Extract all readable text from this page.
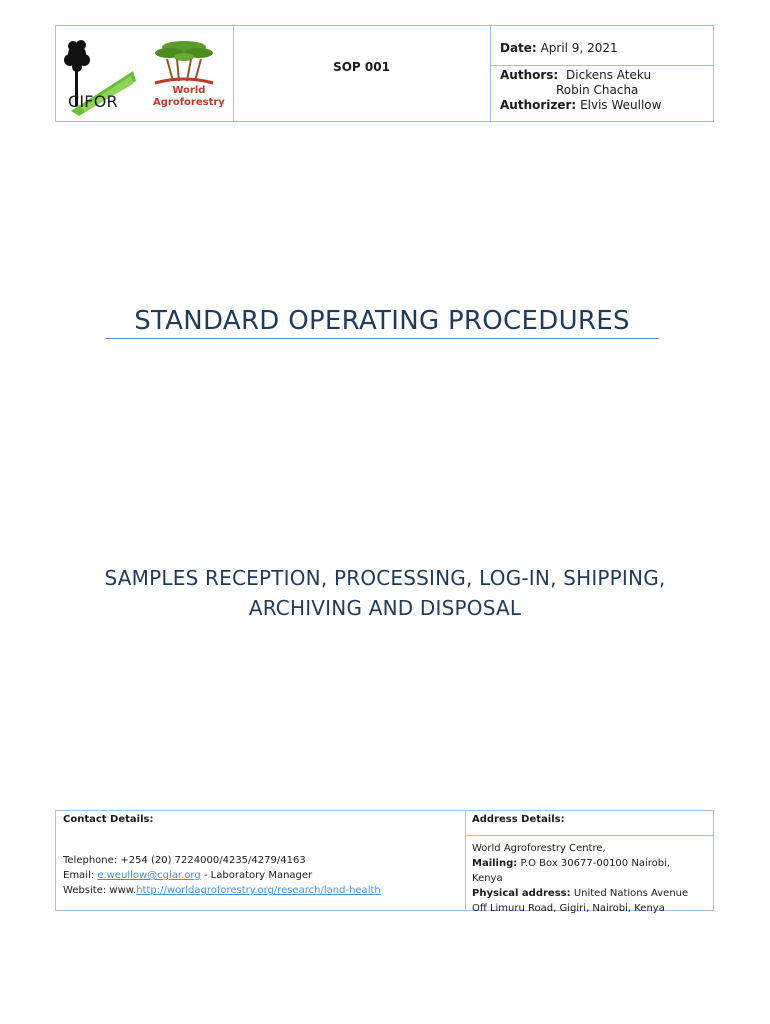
CIFOR
World
Agroforestry
SOP 001
Date: April 9, 2021
Authors: Dickens Ateku
Robin Chacha
Authorizer: Elvis Weullow
STANDARD OPERATING PROCEDURES
SAMPLES RECEPTION, PROCESSING, LOG-IN, SHIPPING,
ARCHIVING AND DISPOSAL
Contact Details:
Telephone: +254 (20) 7224000/4235/4279/4163
Email: e.weullow@cgiar.org - Laboratory Manager
Website: www.http://worldagroforestry.org/research/land-health
Address Details:
World Agroforestry Centre,
Mailing: P.O Box 30677-00100 Nairobi,
Kenya
Physical address: United Nations Avenue
Off Limuru Road, Gigiri, Nairobi, Kenya
